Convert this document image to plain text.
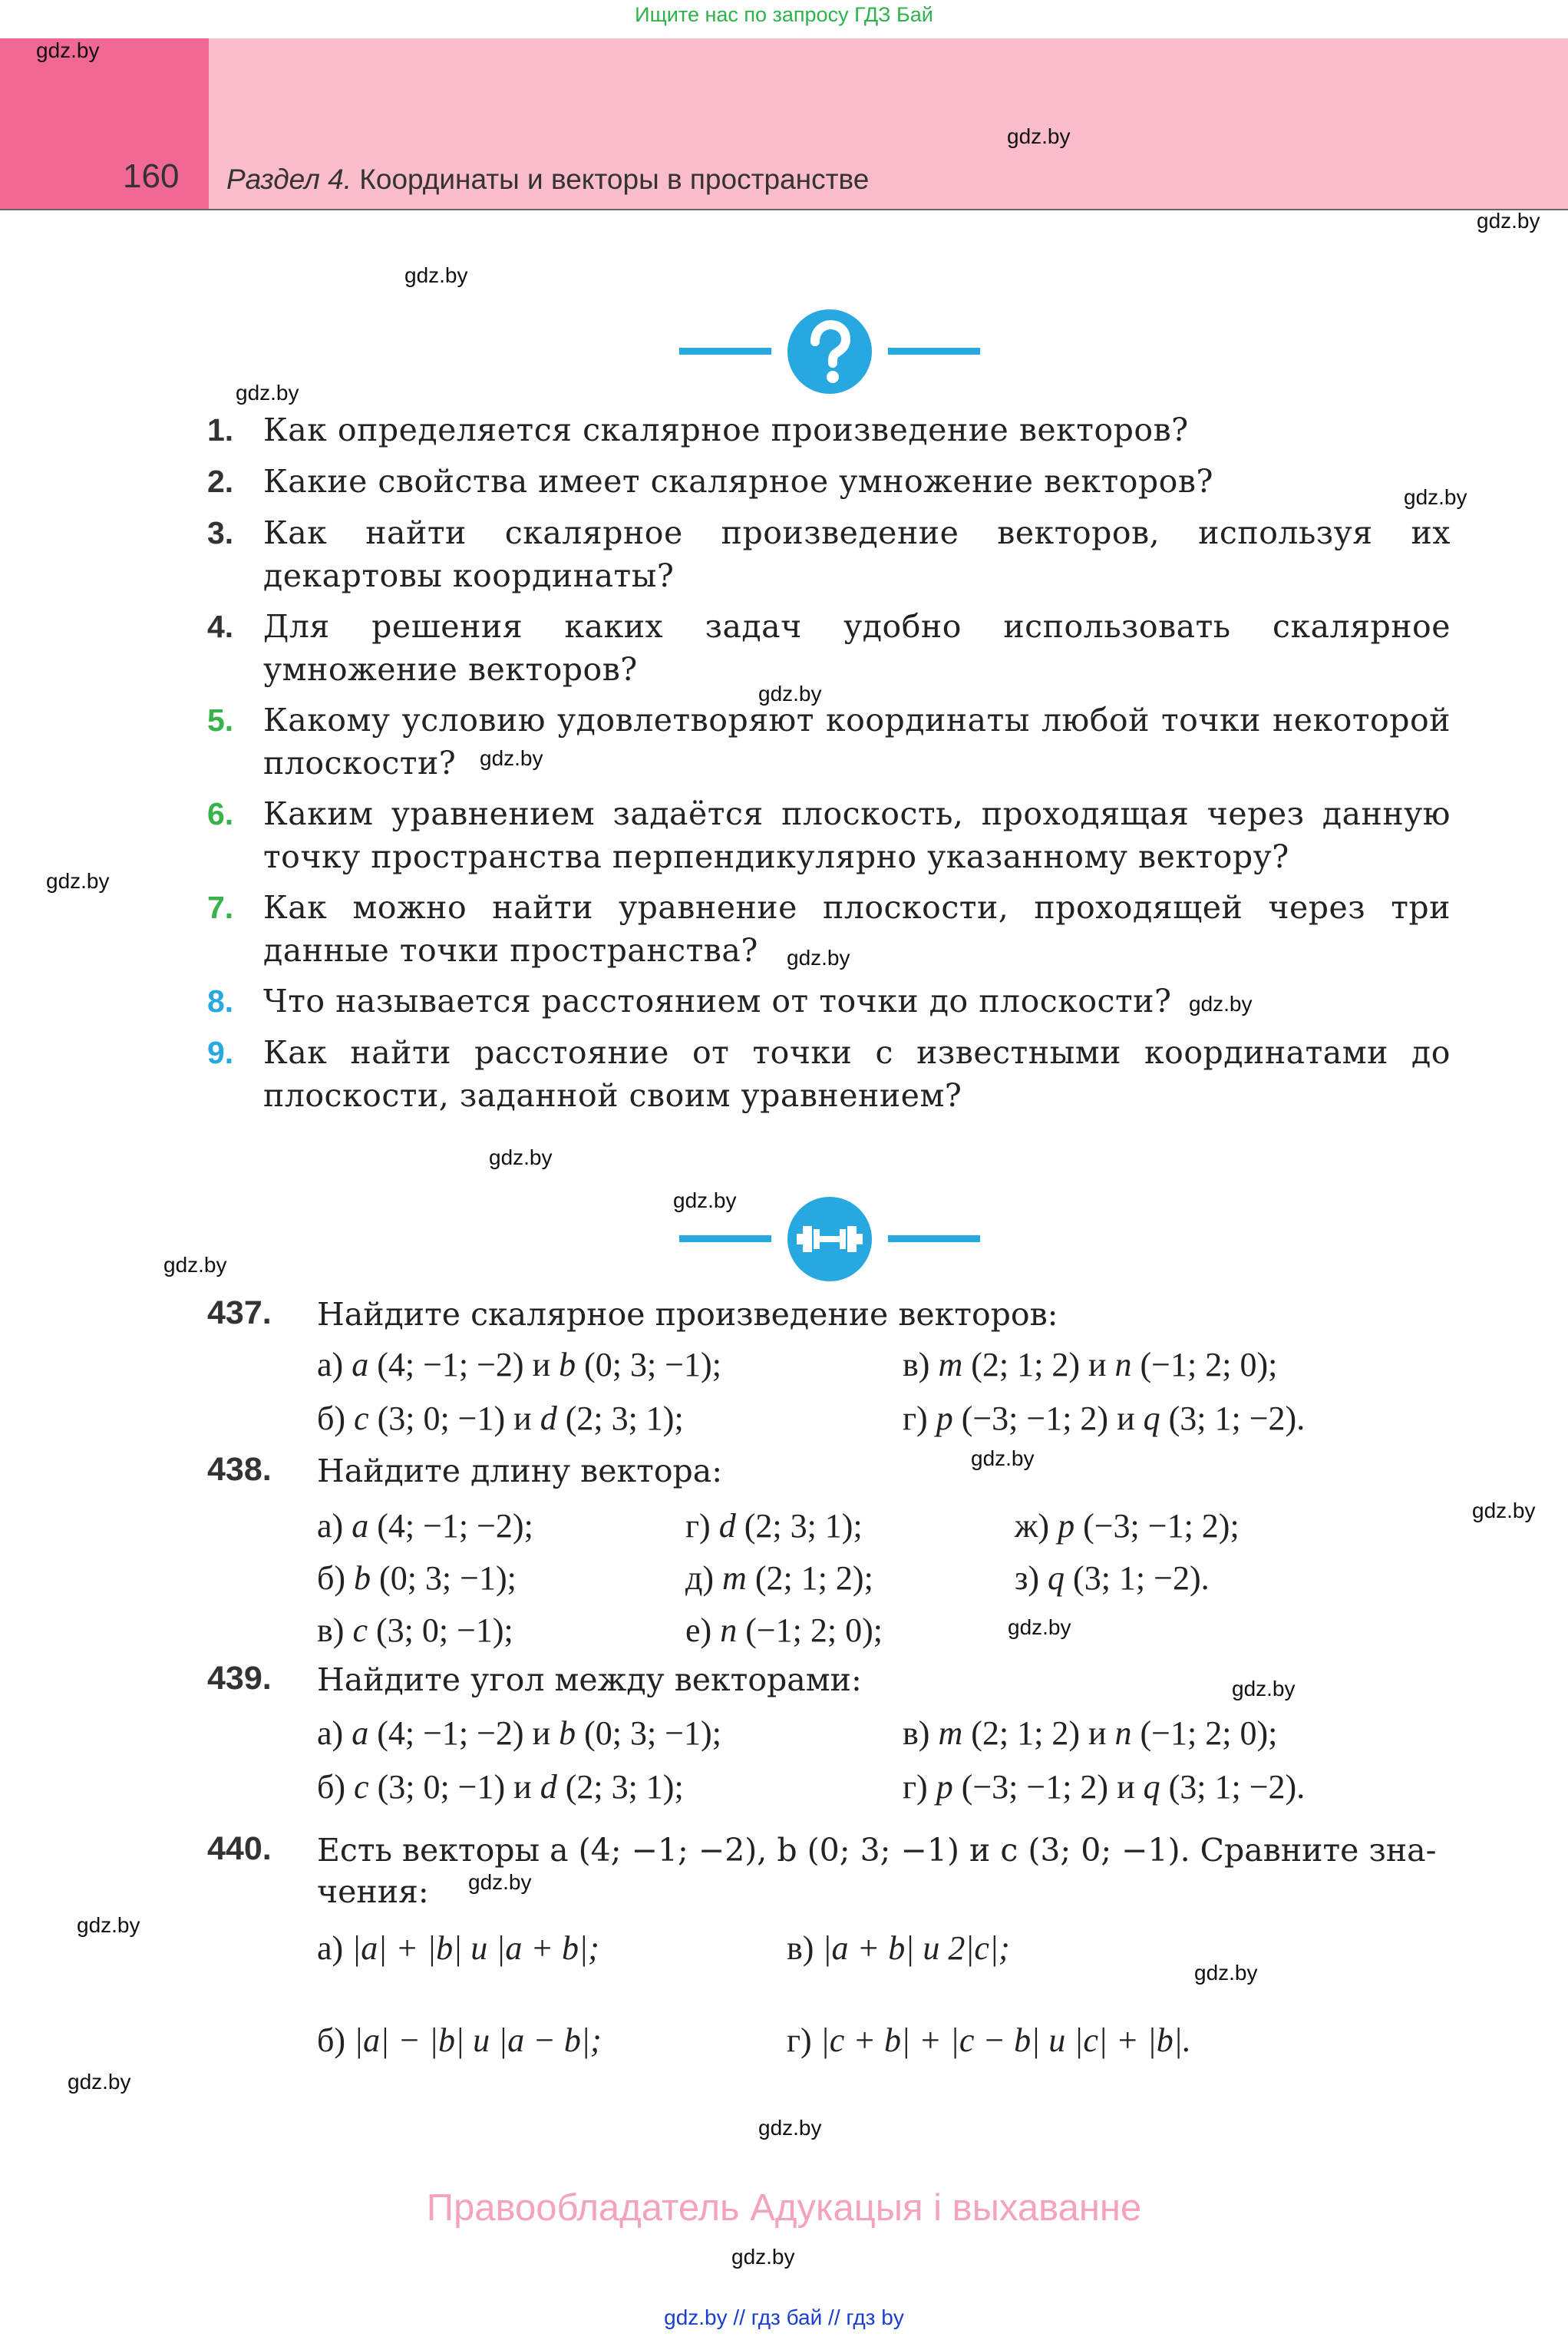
Ищите нас по запросу ГДЗ Бай
160 Раздел 4. Координаты и векторы в пространстве
gdz.by
gdz.by
gdz.by
gdz.by
gdz.by
gdz.by
gdz.by
gdz.by
gdz.by
gdz.by
gdz.by
gdz.by
gdz.by
gdz.by
gdz.by
gdz.by
gdz.by
gdz.by
gdz.by
gdz.by
gdz.by
gdz.by
gdz.by
gdz.by
1. Как определяется скалярное произведение векторов?
2. Какие свойства имеет скалярное умножение векторов?
3. Как найти скалярное произведение векторов, используя их декартовы координаты?
4. Для решения каких задач удобно использовать скалярное умножение векторов?
5. Какому условию удовлетворяют координаты любой точки некоторой плоскости?
6. Каким уравнением задаётся плоскость, проходящая через данную точку пространства перпендикулярно указанному вектору?
7. Как можно найти уравнение плоскости, проходящей через три данные точки пространства?
8. Что называется расстоянием от точки до плоскости?
9. Как найти расстояние от точки с известными координатами до плоскости, заданной своим уравнением?
437. Найдите скалярное произведение векторов:
а) a (4; −1; −2) и b (0; 3; −1);	в) m (2; 1; 2) и n (−1; 2; 0);
б) c (3; 0; −1) и d (2; 3; 1);	г) p (−3; −1; 2) и q (3; 1; −2).
438. Найдите длину вектора:
а) a (4; −1; −2);	г) d (2; 3; 1);	ж) p (−3; −1; 2);
б) b (0; 3; −1);	д) m (2; 1; 2);	з) q (3; 1; −2).
в) c (3; 0; −1);	е) n (−1; 2; 0);
439. Найдите угол между векторами:
а) a (4; −1; −2) и b (0; 3; −1);	в) m (2; 1; 2) и n (−1; 2; 0);
б) c (3; 0; −1) и d (2; 3; 1);	г) p (−3; −1; 2) и q (3; 1; −2).
440. Есть векторы a (4; −1; −2), b (0; 3; −1) и c (3; 0; −1). Сравните зна-
чения:
а) |a| + |b| и |a + b|;	в) |a + b| и 2|c|;
б) |a| − |b| и |a − b|;	г) |c + b| + |c − b| и |c| + |b|.
Правообладатель Адукацыя і выхаванне
gdz.by // гдз бай // гдз by
